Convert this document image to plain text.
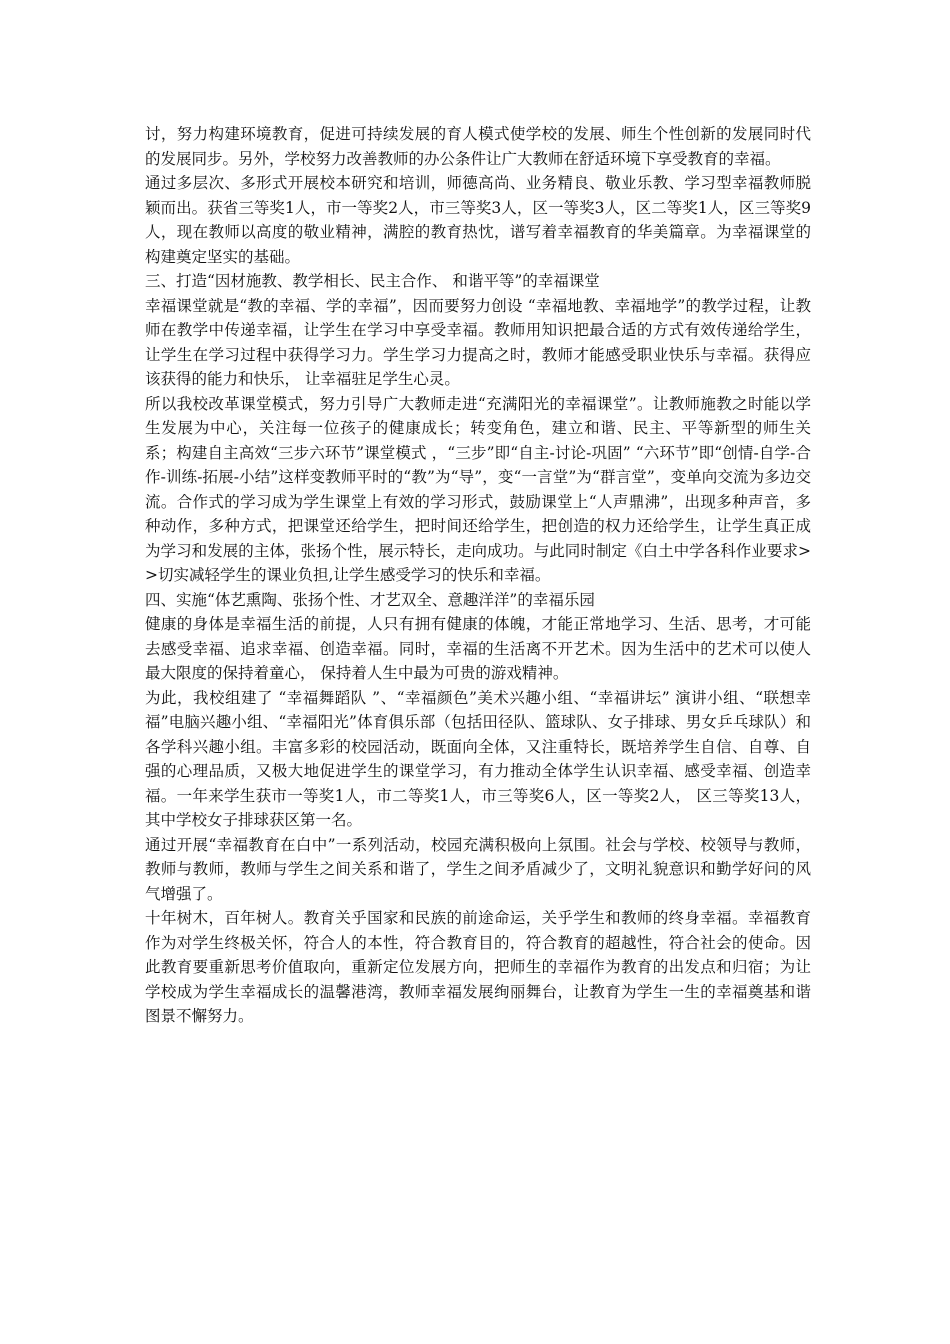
讨，努力构建环境教育，促进可持续发展的育人模式使学校的发展、师生个性创新的发展同时代的发展同步。另外，学校努力改善教师的办公条件让广大教师在舒适环境下享受教育的幸福。

通过多层次、多形式开展校本研究和培训，师德高尚、业务精良、敬业乐教、学习型幸福教师脱颖而出。获省三等奖1人，市一等奖2人，市三等奖3人，区一等奖3人，区二等奖1人，区三等奖9人，现在教师以高度的敬业精神，满腔的教育热忱，谱写着幸福教育的华美篇章。为幸福课堂的构建奠定坚实的基础。

三、打造“因材施教、教学相长、民主合作、 和谐平等”的幸福课堂

幸福课堂就是“教的幸福、学的幸福”，因而要努力创设 “幸福地教、幸福地学”的教学过程，让教师在教学中传递幸福，让学生在学习中享受幸福。教师用知识把最合适的方式有效传递给学生，让学生在学习过程中获得学习力。学生学习力提高之时，教师才能感受职业快乐与幸福。获得应该获得的能力和快乐， 让幸福驻足学生心灵。

所以我校改革课堂模式，努力引导广大教师走进“充满阳光的幸福课堂”。让教师施教之时能以学生发展为中心，关注每一位孩子的健康成长；转变角色，建立和谐、民主、平等新型的师生关系；构建自主高效“三步六环节”课堂模式 ，“三步”即“自主-讨论-巩固” “六环节”即“创情-自学-合作-训练-拓展-小结”这样变教师平时的“教”为“导”，变“一言堂”为“群言堂”，变单向交流为多边交流。合作式的学习成为学生课堂上有效的学习形式，鼓励课堂上“人声鼎沸”，出现多种声音，多种动作，多种方式，把课堂还给学生，把时间还给学生，把创造的权力还给学生，让学生真正成为学习和发展的主体，张扬个性，展示特长，走向成功。与此同时制定《白土中学各科作业要求>>切实减轻学生的课业负担,让学生感受学习的快乐和幸福。

四、实施“体艺熏陶、张扬个性、才艺双全、意趣洋洋”的幸福乐园

健康的身体是幸福生活的前提，人只有拥有健康的体魄，才能正常地学习、生活、思考，才可能去感受幸福、追求幸福、创造幸福。同时，幸福的生活离不开艺术。因为生活中的艺术可以使人最大限度的保持着童心， 保持着人生中最为可贵的游戏精神。

为此，我校组建了 “幸福舞蹈队 ”、“幸福颜色”美术兴趣小组、“幸福讲坛” 演讲小组、“联想幸福”电脑兴趣小组、“幸福阳光”体育俱乐部（包括田径队、篮球队、女子排球、男女乒乓球队）和各学科兴趣小组。丰富多彩的校园活动，既面向全体，又注重特长，既培养学生自信、自尊、自强的心理品质，又极大地促进学生的课堂学习，有力推动全体学生认识幸福、感受幸福、创造幸福。一年来学生获市一等奖1人，市二等奖1人，市三等奖6人，区一等奖2人， 区三等奖13人，其中学校女子排球获区第一名。

通过开展“幸福教育在白中”一系列活动，校园充满积极向上氛围。社会与学校、校领导与教师，教师与教师，教师与学生之间关系和谐了，学生之间矛盾减少了，文明礼貌意识和勤学好问的风气增强了。

十年树木，百年树人。教育关乎国家和民族的前途命运，关乎学生和教师的终身幸福。幸福教育作为对学生终极关怀，符合人的本性，符合教育目的，符合教育的超越性，符合社会的使命。因此教育要重新思考价值取向，重新定位发展方向，把师生的幸福作为教育的出发点和归宿；为让学校成为学生幸福成长的温馨港湾，教师幸福发展绚丽舞台，让教育为学生一生的幸福奠基和谐图景不懈努力。
